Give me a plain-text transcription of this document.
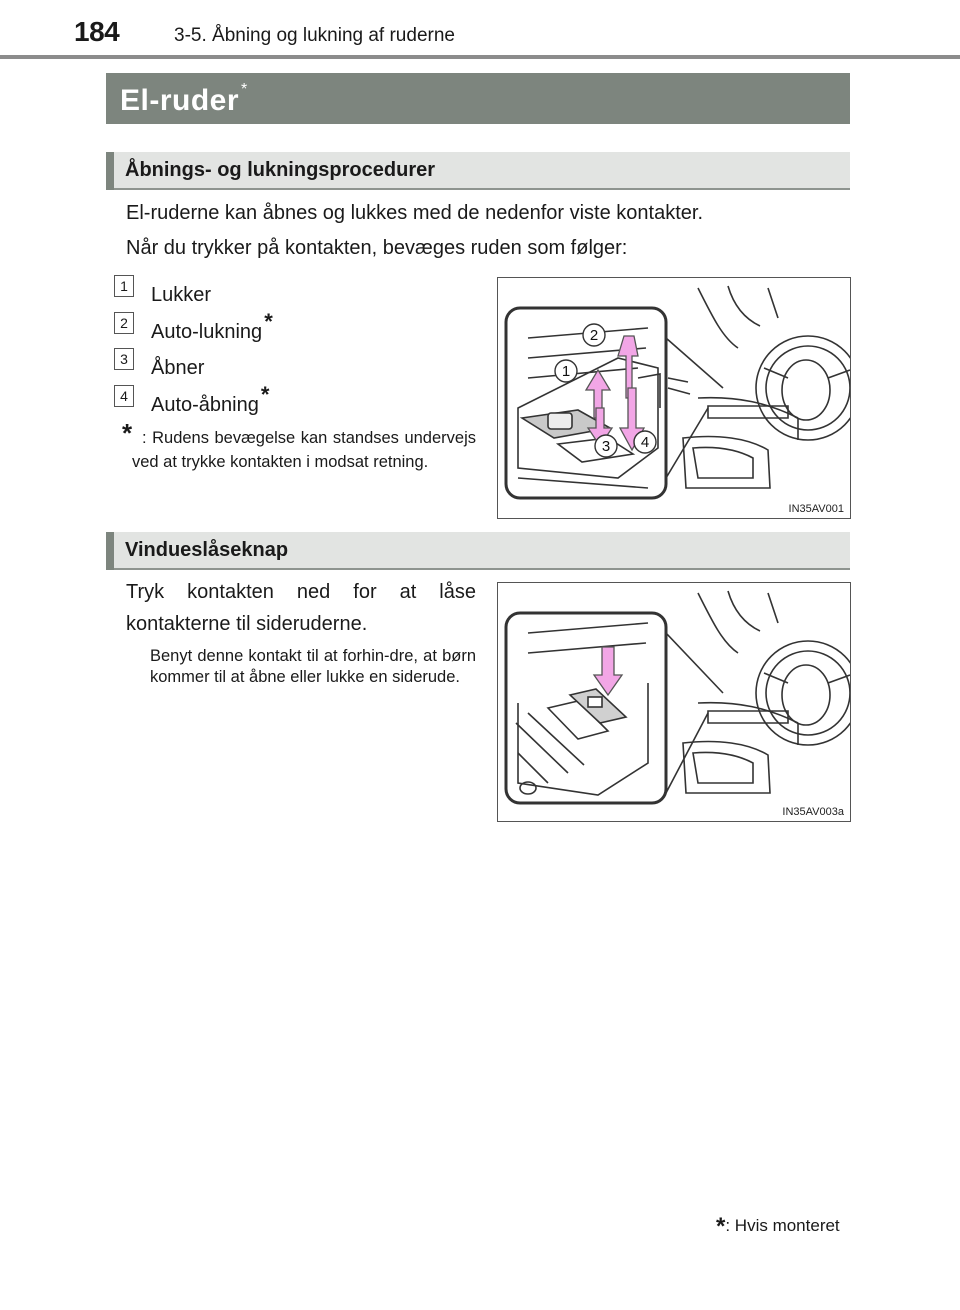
184	3-5. Åbning og lukning af ruderne
El-ruder *
Åbnings- og lukningsprocedurer
El-ruderne kan åbnes og lukkes med de nedenfor viste kontakter.
Når du trykker på kontakten, bevæges ruden som følger:
1	Lukker
2	Auto-lukning*
3	Åbner
4	Auto-åbning*
* : Rudens bevægelse kan standses undervejs ved at trykke kontakten i modsat retning.
2
1
3 4
IN35AV001
Vindueslåseknap
Tryk kontakten ned for at låse kontakterne til sideruderne.
Benyt denne kontakt til at forhin-dre, at børn kommer til at åbne eller lukke en siderude.
IN35AV003a
*: Hvis monteret
